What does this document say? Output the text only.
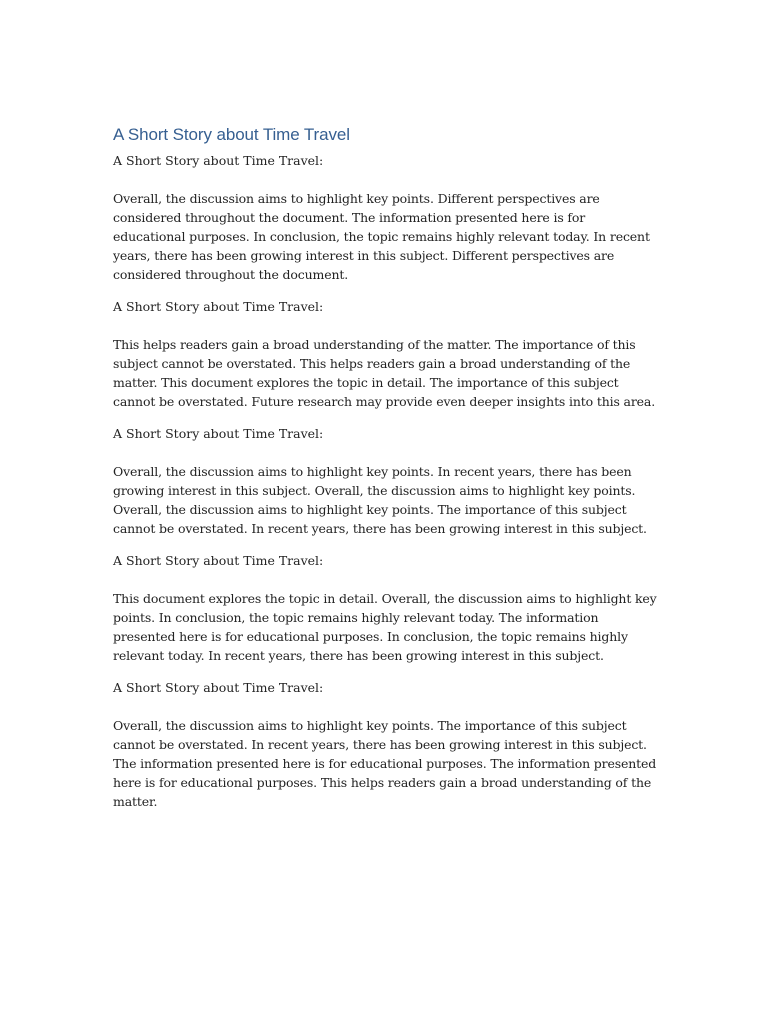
A Short Story about Time Travel
A Short Story about Time Travel:

Overall, the discussion aims to highlight key points. Different perspectives are considered throughout the document. The information presented here is for educational purposes. In conclusion, the topic remains highly relevant today. In recent years, there has been growing interest in this subject. Different perspectives are considered throughout the document.

A Short Story about Time Travel:

This helps readers gain a broad understanding of the matter. The importance of this subject cannot be overstated. This helps readers gain a broad understanding of the matter. This document explores the topic in detail. The importance of this subject cannot be overstated. Future research may provide even deeper insights into this area.

A Short Story about Time Travel:

Overall, the discussion aims to highlight key points. In recent years, there has been growing interest in this subject. Overall, the discussion aims to highlight key points. Overall, the discussion aims to highlight key points. The importance of this subject cannot be overstated. In recent years, there has been growing interest in this subject.

A Short Story about Time Travel:

This document explores the topic in detail. Overall, the discussion aims to highlight key points. In conclusion, the topic remains highly relevant today. The information presented here is for educational purposes. In conclusion, the topic remains highly relevant today. In recent years, there has been growing interest in this subject.

A Short Story about Time Travel:

Overall, the discussion aims to highlight key points. The importance of this subject cannot be overstated. In recent years, there has been growing interest in this subject. The information presented here is for educational purposes. The information presented here is for educational purposes. This helps readers gain a broad understanding of the matter.
